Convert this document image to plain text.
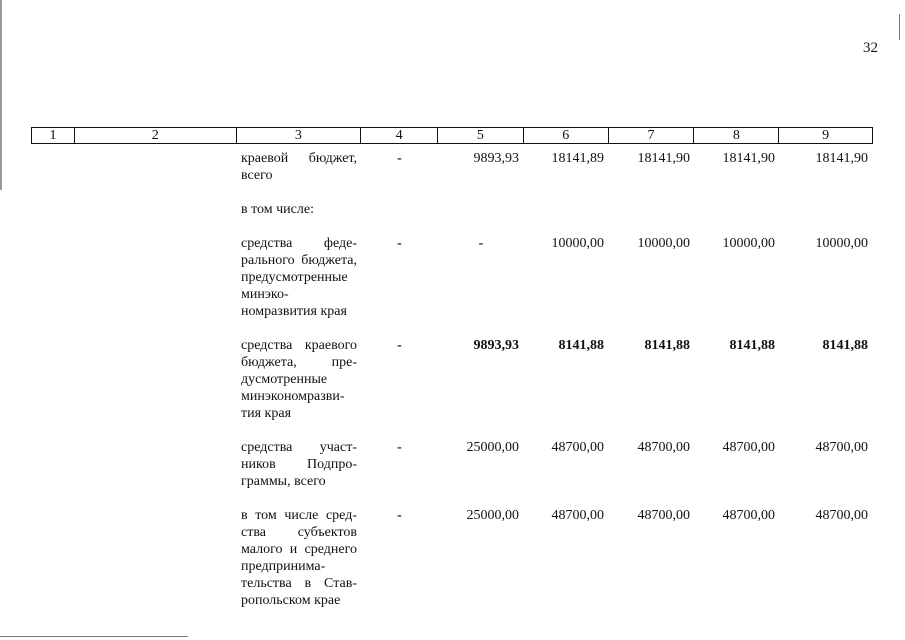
32
1	2	3	4	5	6	7	8	9
		краевой бюджет, всего	-	9893,93	18141,89	18141,90	18141,90	18141,90
		в том числе:						
		средства федерального бюджета, предусмотренные минэкономразвития края	-	-	10000,00	10000,00	10000,00	10000,00
		средства краевого бюджета, предусмотренные минэкономразвития края	-	9893,93	8141,88	8141,88	8141,88	8141,88
		средства участников Подпрограммы, всего	-	25000,00	48700,00	48700,00	48700,00	48700,00
		в том числе средства субъектов малого и среднего предпринимательства в Ставропольском крае	-	25000,00	48700,00	48700,00	48700,00	48700,00
